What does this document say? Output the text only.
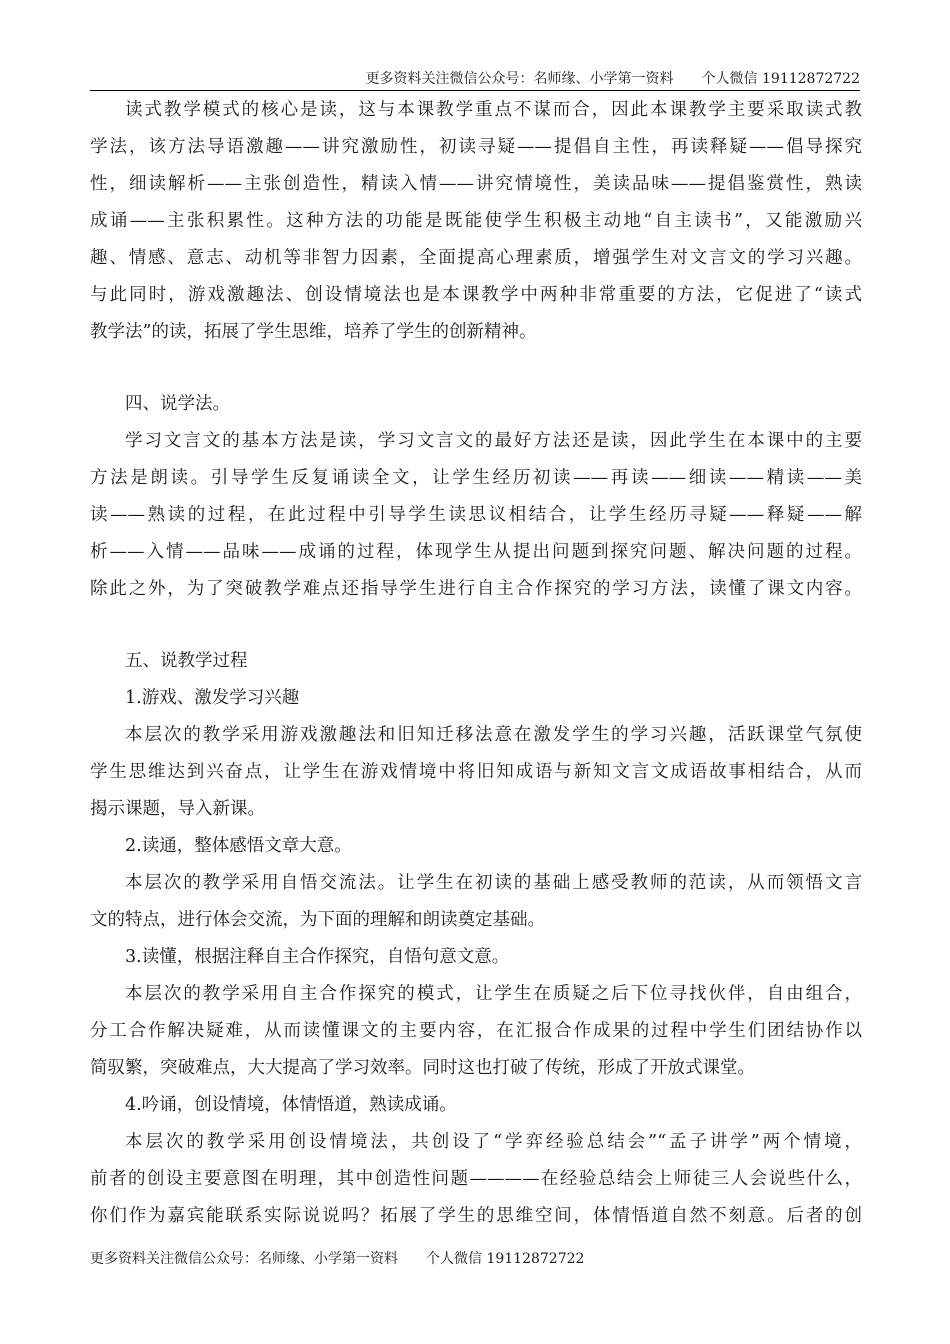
更多资料关注微信公众号：名师缘、小学第一资料 个人微信 19112872722

读式教学模式的核心是读，这与本课教学重点不谋而合，因此本课教学主要采取读式教

学法，该方法导语激趣——讲究激励性，初读寻疑——提倡自主性，再读释疑——倡导探究

性，细读解析——主张创造性，精读入情——讲究情境性，美读品味——提倡鉴赏性，熟读

成诵——主张积累性。这种方法的功能是既能使学生积极主动地“自主读书”，又能激励兴

趣、情感、意志、动机等非智力因素，全面提高心理素质，增强学生对文言文的学习兴趣。

与此同时，游戏激趣法、创设情境法也是本课教学中两种非常重要的方法，它促进了“读式

教学法”的读，拓展了学生思维，培养了学生的创新精神。

四、说学法。

学习文言文的基本方法是读，学习文言文的最好方法还是读，因此学生在本课中的主要

方法是朗读。引导学生反复诵读全文，让学生经历初读——再读——细读——精读——美

读——熟读的过程，在此过程中引导学生读思议相结合，让学生经历寻疑——释疑——解

析——入情——品味——成诵的过程，体现学生从提出问题到探究问题、解决问题的过程。

除此之外，为了突破教学难点还指导学生进行自主合作探究的学习方法，读懂了课文内容。

五、说教学过程

1.游戏、激发学习兴趣

本层次的教学采用游戏激趣法和旧知迁移法意在激发学生的学习兴趣，活跃课堂气氛使

学生思维达到兴奋点，让学生在游戏情境中将旧知成语与新知文言文成语故事相结合，从而

揭示课题，导入新课。

2.读通，整体感悟文章大意。

本层次的教学采用自悟交流法。让学生在初读的基础上感受教师的范读，从而领悟文言

文的特点，进行体会交流，为下面的理解和朗读奠定基础。

3.读懂，根据注释自主合作探究，自悟句意文意。

本层次的教学采用自主合作探究的模式，让学生在质疑之后下位寻找伙伴，自由组合，

分工合作解决疑难，从而读懂课文的主要内容，在汇报合作成果的过程中学生们团结协作以

简驭繁，突破难点，大大提高了学习效率。同时这也打破了传统，形成了开放式课堂。

4.吟诵，创设情境，体情悟道，熟读成诵。

本层次的教学采用创设情境法，共创设了“学弈经验总结会”“孟子讲学”两个情境，

前者的创设主要意图在明理，其中创造性问题————在经验总结会上师徒三人会说些什么，

你们作为嘉宾能联系实际说说吗？拓展了学生的思维空间，体情悟道自然不刻意。后者的创

更多资料关注微信公众号：名师缘、小学第一资料 个人微信 19112872722
